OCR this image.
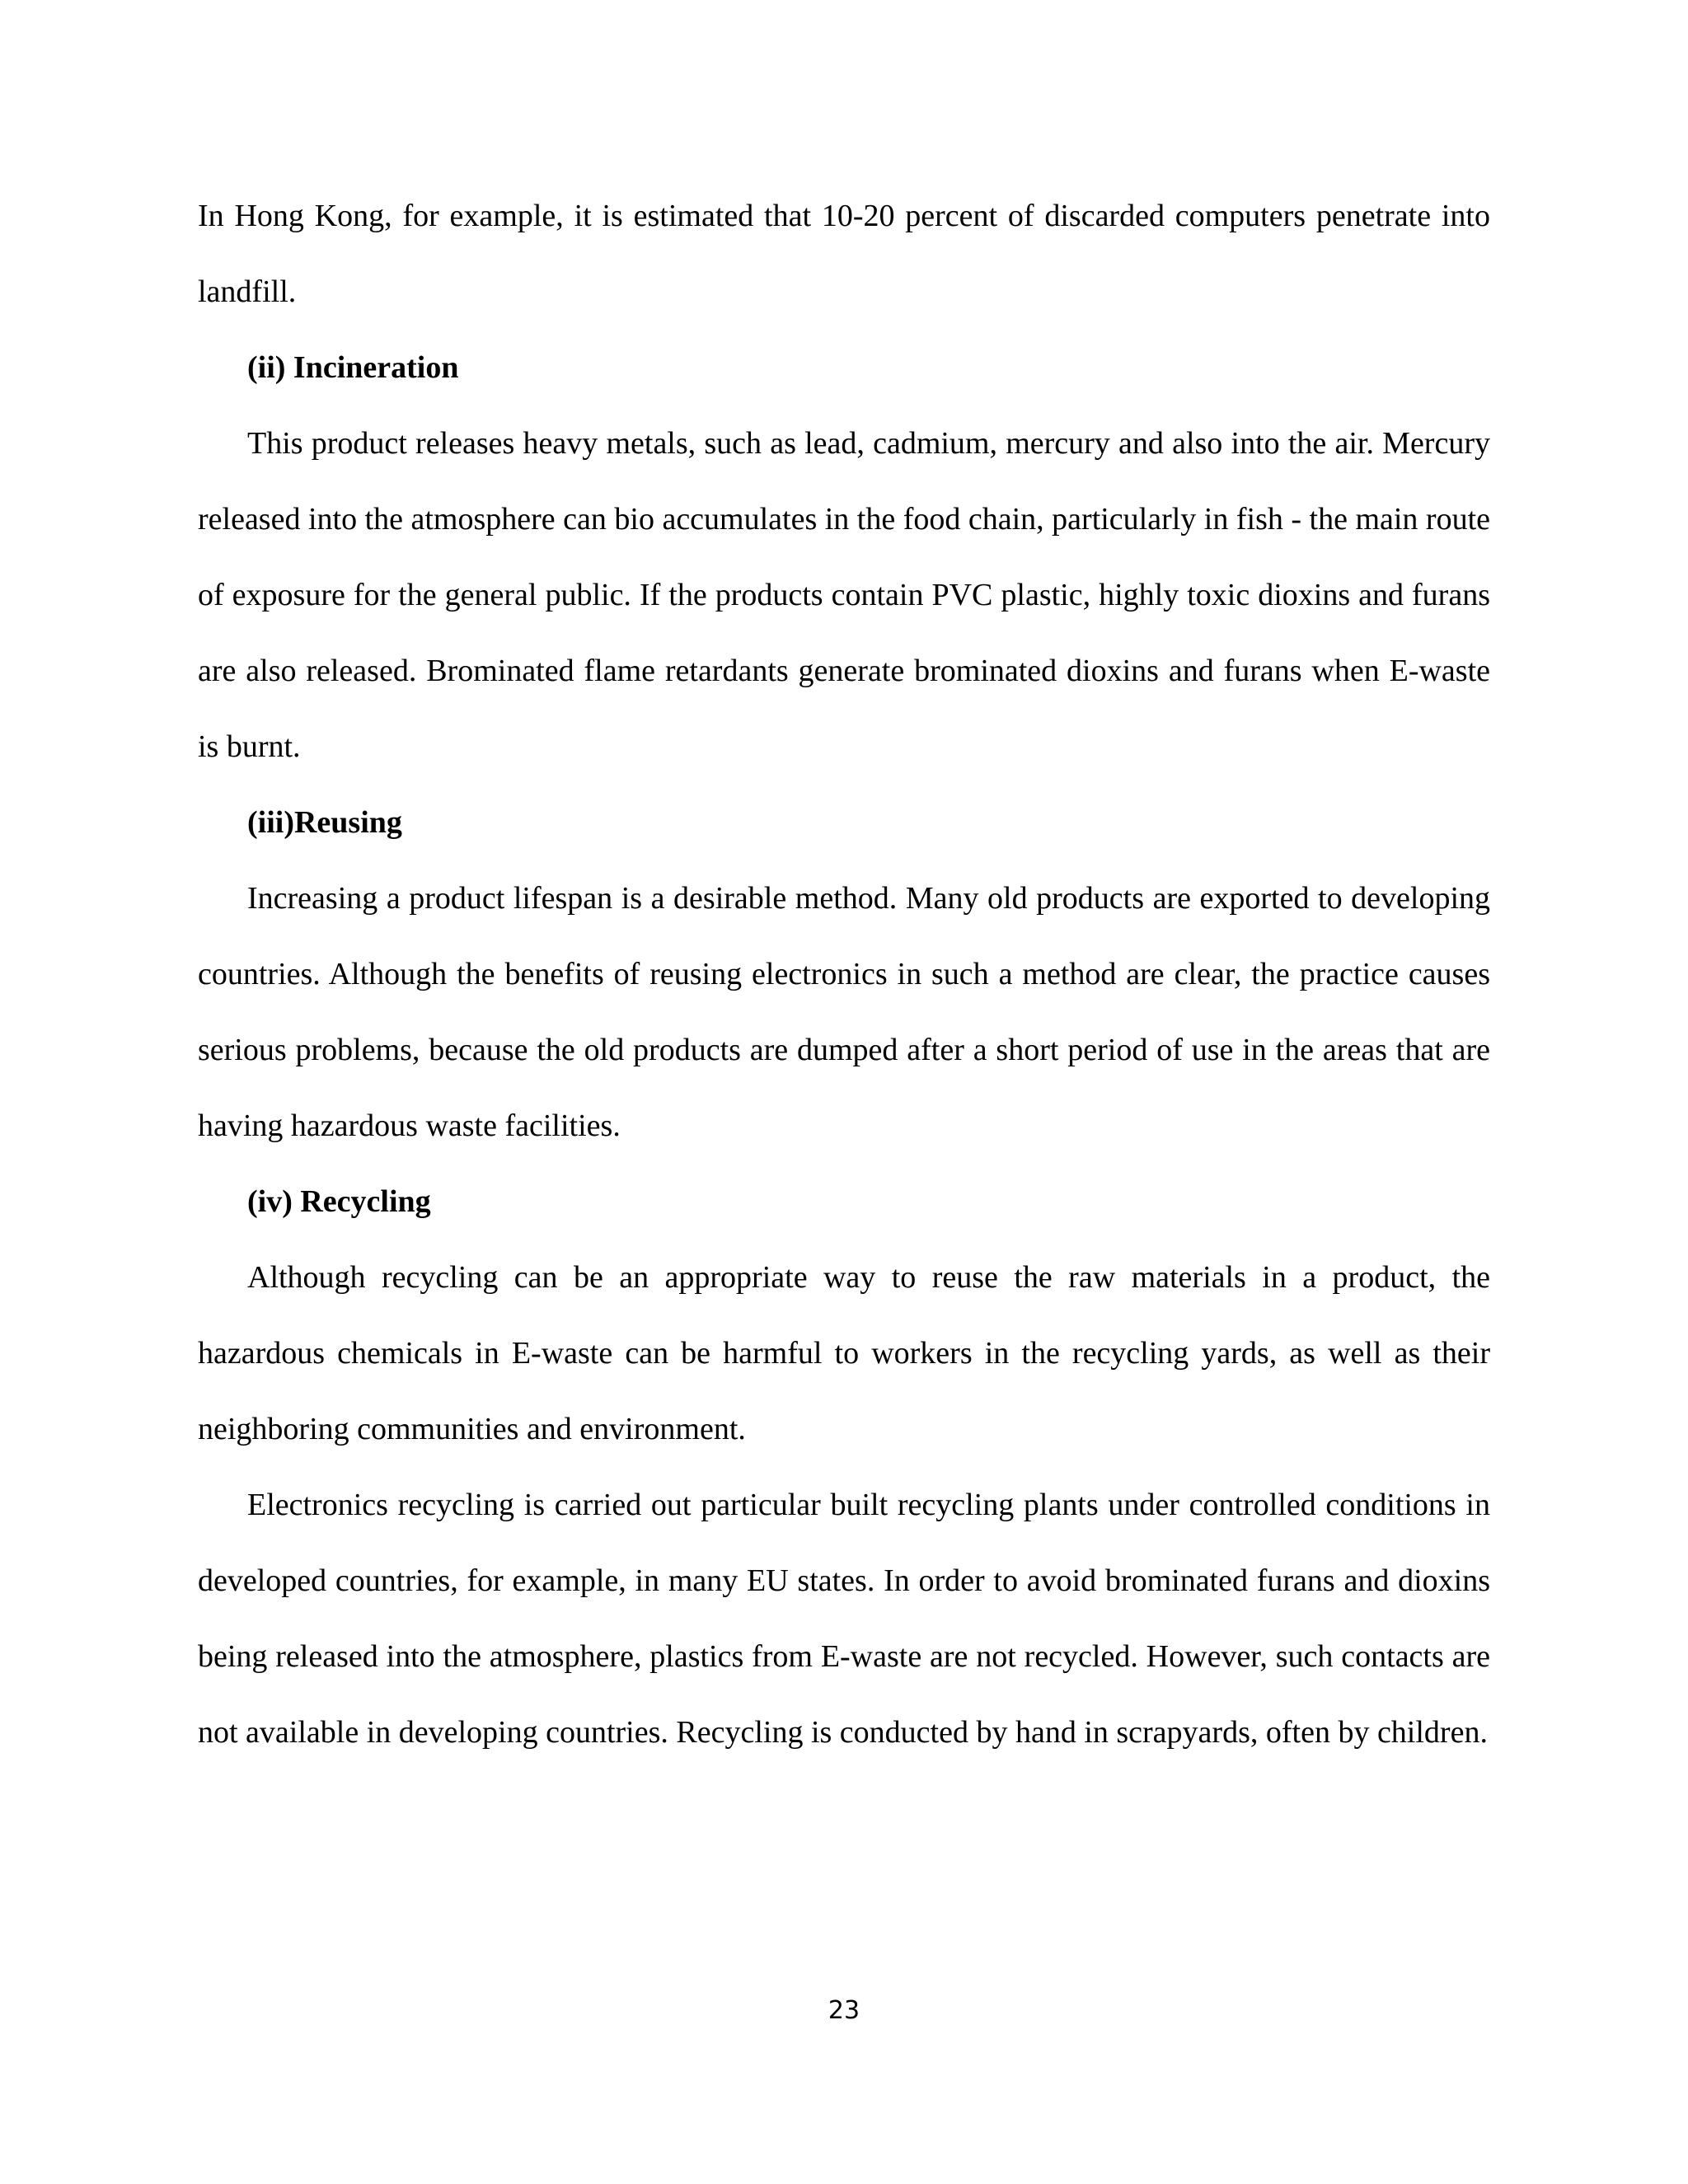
In Hong Kong, for example, it is estimated that 10-20 percent of discarded computers penetrate into landfill.

(ii) Incineration

This product releases heavy metals, such as lead, cadmium, mercury and also into the air. Mercury released into the atmosphere can bio accumulates in the food chain, particularly in fish - the main route of exposure for the general public. If the products contain PVC plastic, highly toxic dioxins and furans are also released. Brominated flame retardants generate brominated dioxins and furans when E-waste is burnt.

(iii)Reusing

Increasing a product lifespan is a desirable method. Many old products are exported to developing countries. Although the benefits of reusing electronics in such a method are clear, the practice causes serious problems, because the old products are dumped after a short period of use in the areas that are having hazardous waste facilities.

(iv) Recycling

Although recycling can be an appropriate way to reuse the raw materials in a product, the hazardous chemicals in E-waste can be harmful to workers in the recycling yards, as well as their neighboring communities and environment.

Electronics recycling is carried out particular built recycling plants under controlled conditions in developed countries, for example, in many EU states. In order to avoid brominated furans and dioxins being released into the atmosphere, plastics from E-waste are not recycled. However, such contacts are not available in developing countries. Recycling is conducted by hand in scrapyards, often by children.

23
